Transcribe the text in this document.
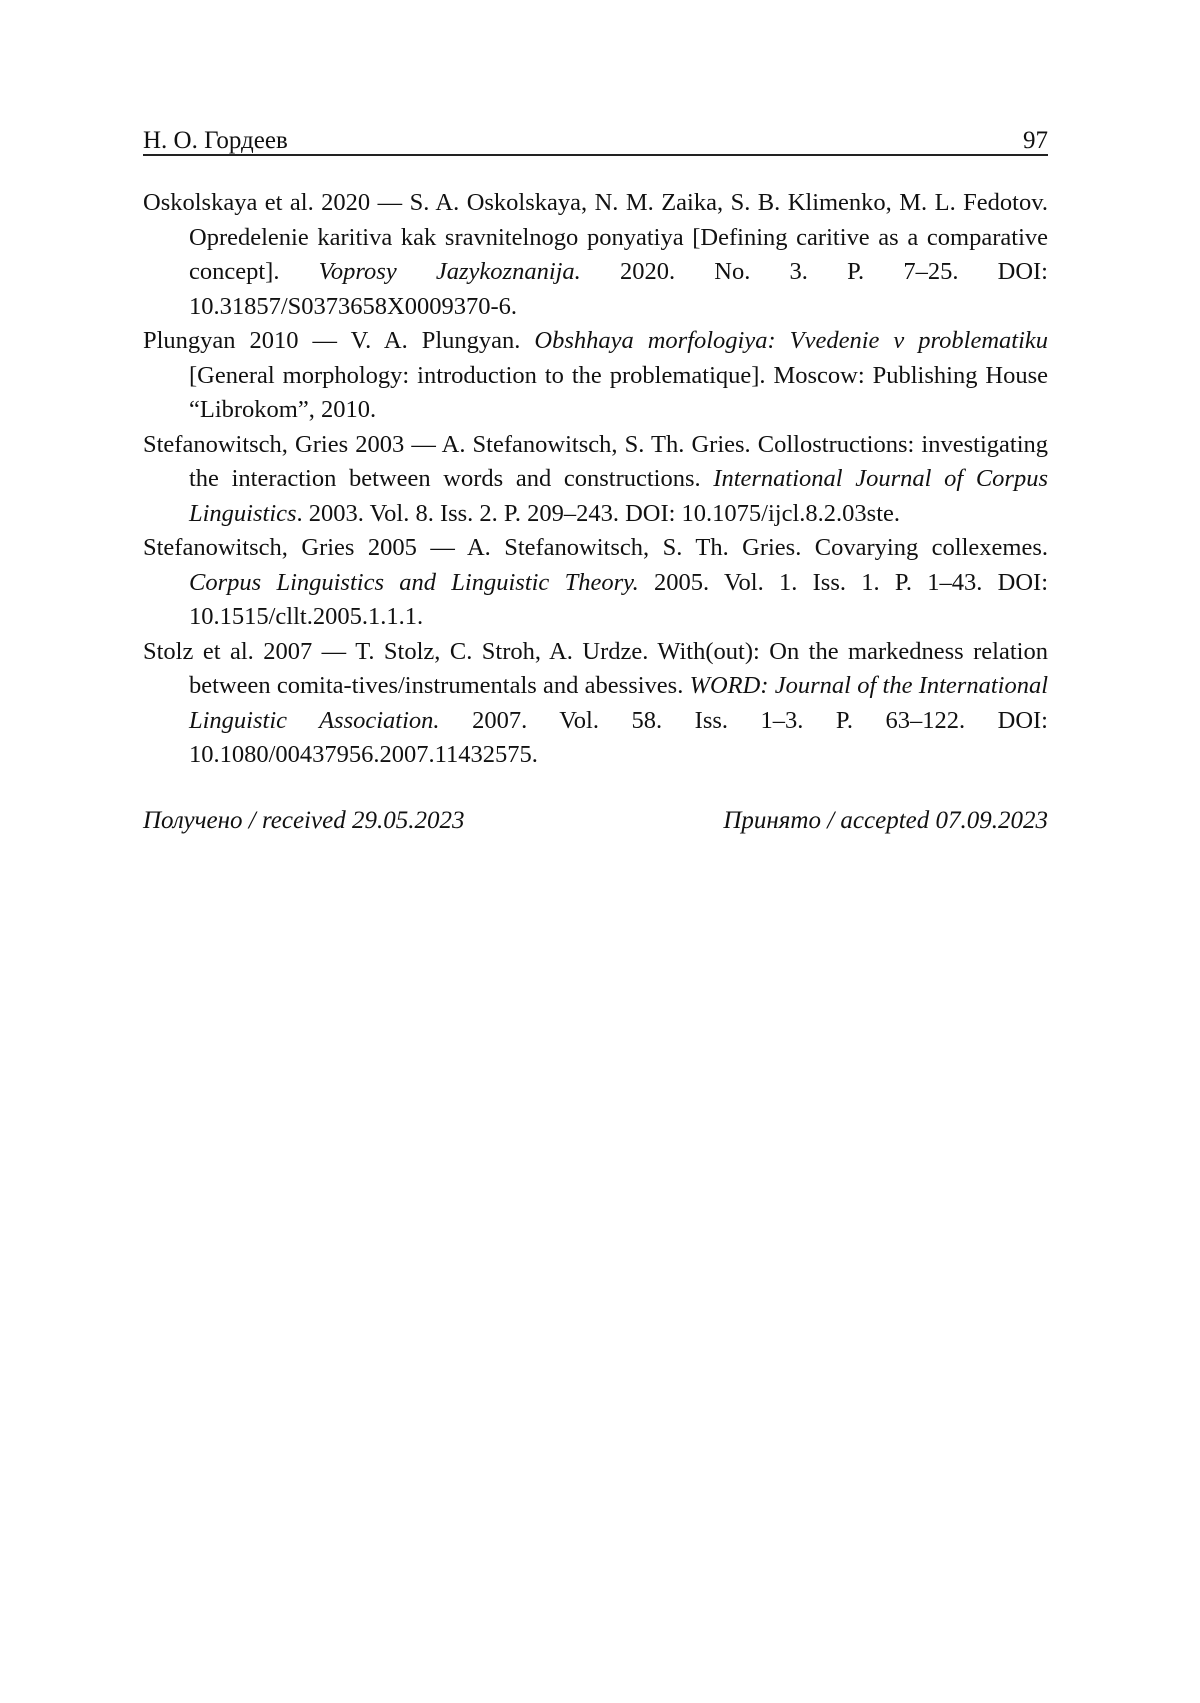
Н. О. Гордеев	97

Oskolskaya et al. 2020 — S. A. Oskolskaya, N. M. Zaika, S. B. Klimenko, M. L. Fedotov. Opredelenie karitiva kak sravnitelnogo ponyatiya [Defining caritive as a comparative concept]. Voprosy Jazykoznanija. 2020. No. 3. P. 7–25. DOI: 10.31857/S0373658X0009370-6.

Plungyan 2010 — V. A. Plungyan. Obshhaya morfologiya: Vvedenie v problematiku [General morphology: introduction to the problematique]. Moscow: Publishing House “Librokom”, 2010.

Stefanowitsch, Gries 2003 — A. Stefanowitsch, S. Th. Gries. Collostructions: investigating the interaction between words and constructions. International Journal of Corpus Linguistics. 2003. Vol. 8. Iss. 2. P. 209–243. DOI: 10.1075/ijcl.8.2.03ste.

Stefanowitsch, Gries 2005 — A. Stefanowitsch, S. Th. Gries. Covarying collexemes. Corpus Linguistics and Linguistic Theory. 2005. Vol. 1. Iss. 1. P. 1–43. DOI: 10.1515/cllt.2005.1.1.1.

Stolz et al. 2007 — T. Stolz, C. Stroh, A. Urdze. With(out): On the markedness relation between comita-tives/instrumentals and abessives. WORD: Journal of the International Linguistic Association. 2007. Vol. 58. Iss. 1–3. P. 63–122. DOI: 10.1080/00437956.2007.11432575.

Получено / received 29.05.2023	Принято / accepted 07.09.2023
